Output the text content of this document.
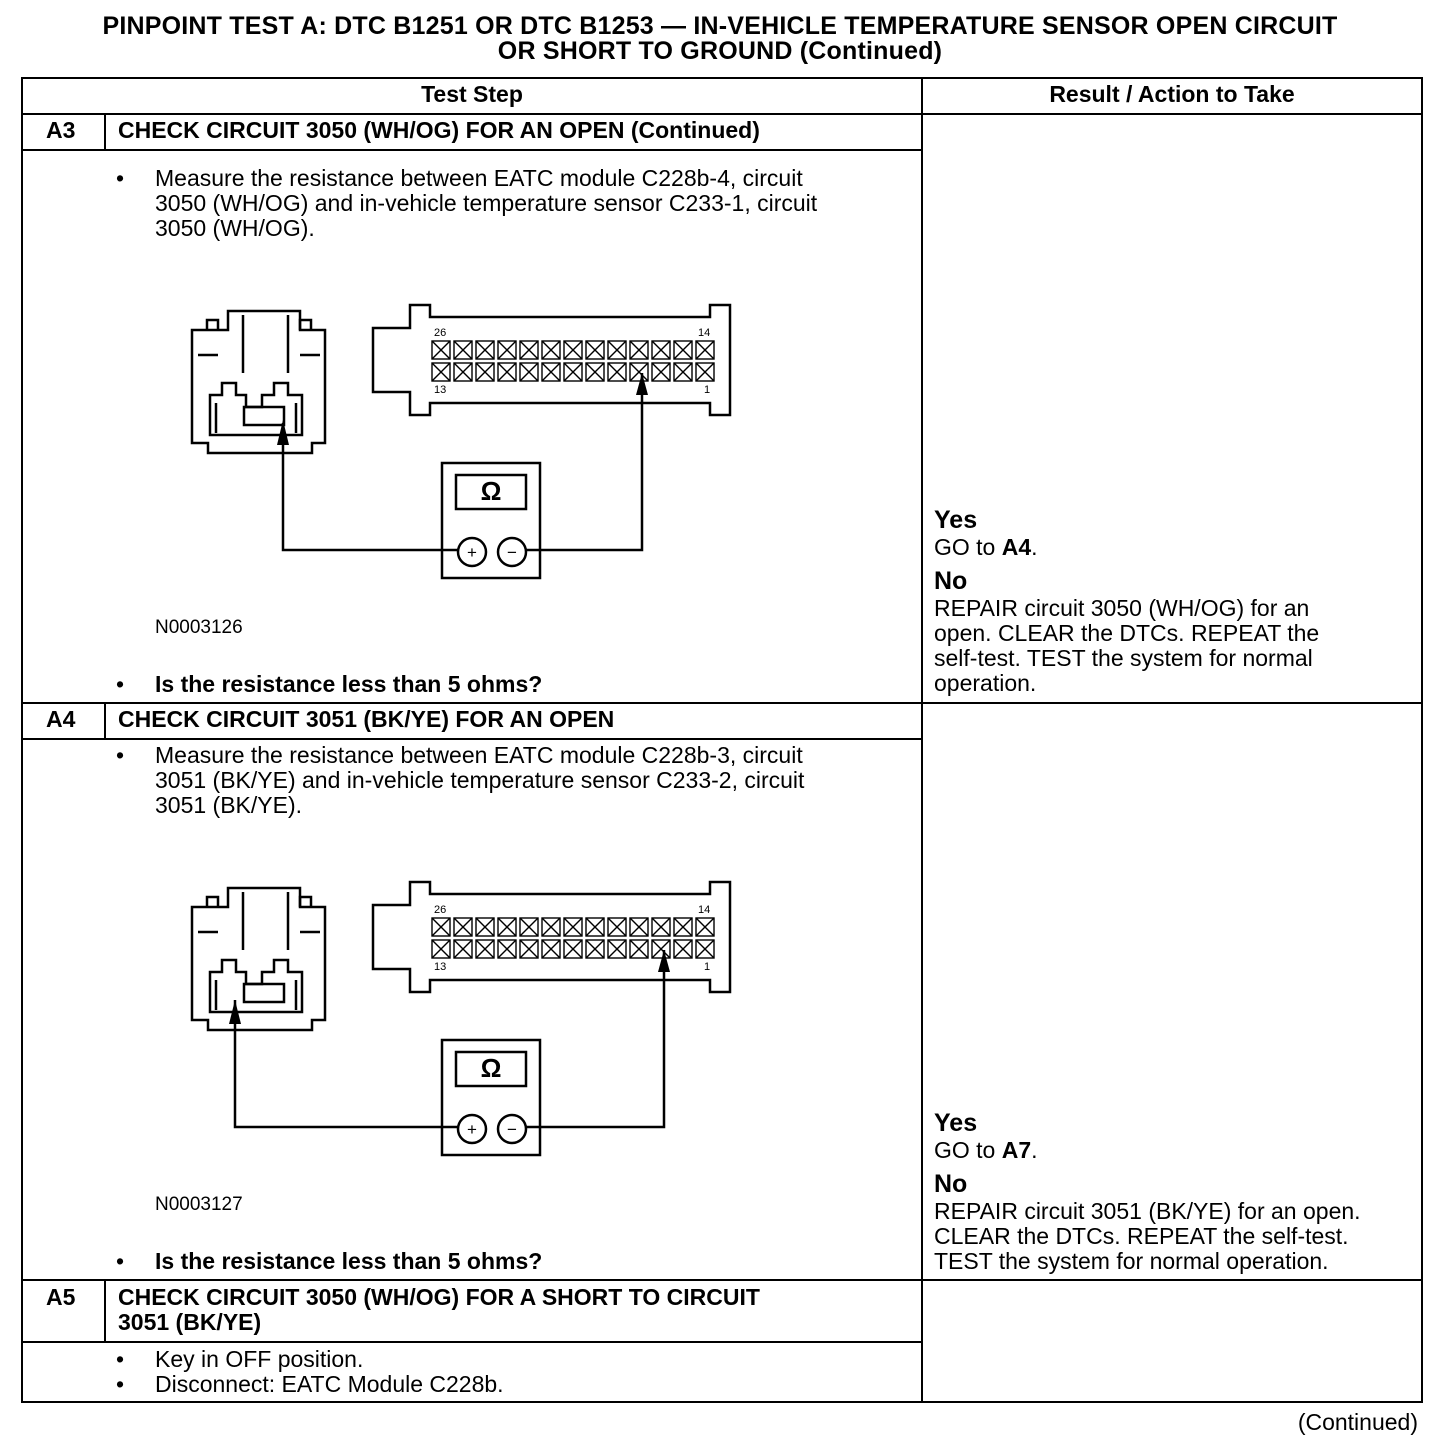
PINPOINT TEST A: DTC B1251 OR DTC B1253 — IN-VEHICLE TEMPERATURE SENSOR OPEN CIRCUIT
OR SHORT TO GROUND (Continued)
Test Step	Result / Action to Take
A3 CHECK CIRCUIT 3050 (WH/OG) FOR AN OPEN (Continued)
• Measure the resistance between EATC module C228b-4, circuit
3050 (WH/OG) and in-vehicle temperature sensor C233-1, circuit
3050 (WH/OG).
26	14
13	1
Ω
+ −
N0003126
• Is the resistance less than 5 ohms?
Yes
GO to A4.
No
REPAIR circuit 3050 (WH/OG) for an
open. CLEAR the DTCs. REPEAT the
self-test. TEST the system for normal
operation.
A4 CHECK CIRCUIT 3051 (BK/YE) FOR AN OPEN
• Measure the resistance between EATC module C228b-3, circuit
3051 (BK/YE) and in-vehicle temperature sensor C233-2, circuit
3051 (BK/YE).
26	14
13	1
Ω
+ −
N0003127
• Is the resistance less than 5 ohms?
Yes
GO to A7.
No
REPAIR circuit 3051 (BK/YE) for an open.
CLEAR the DTCs. REPEAT the self-test.
TEST the system for normal operation.
A5 CHECK CIRCUIT 3050 (WH/OG) FOR A SHORT TO CIRCUIT
3051 (BK/YE)
• Key in OFF position.
• Disconnect: EATC Module C228b.
(Continued)
